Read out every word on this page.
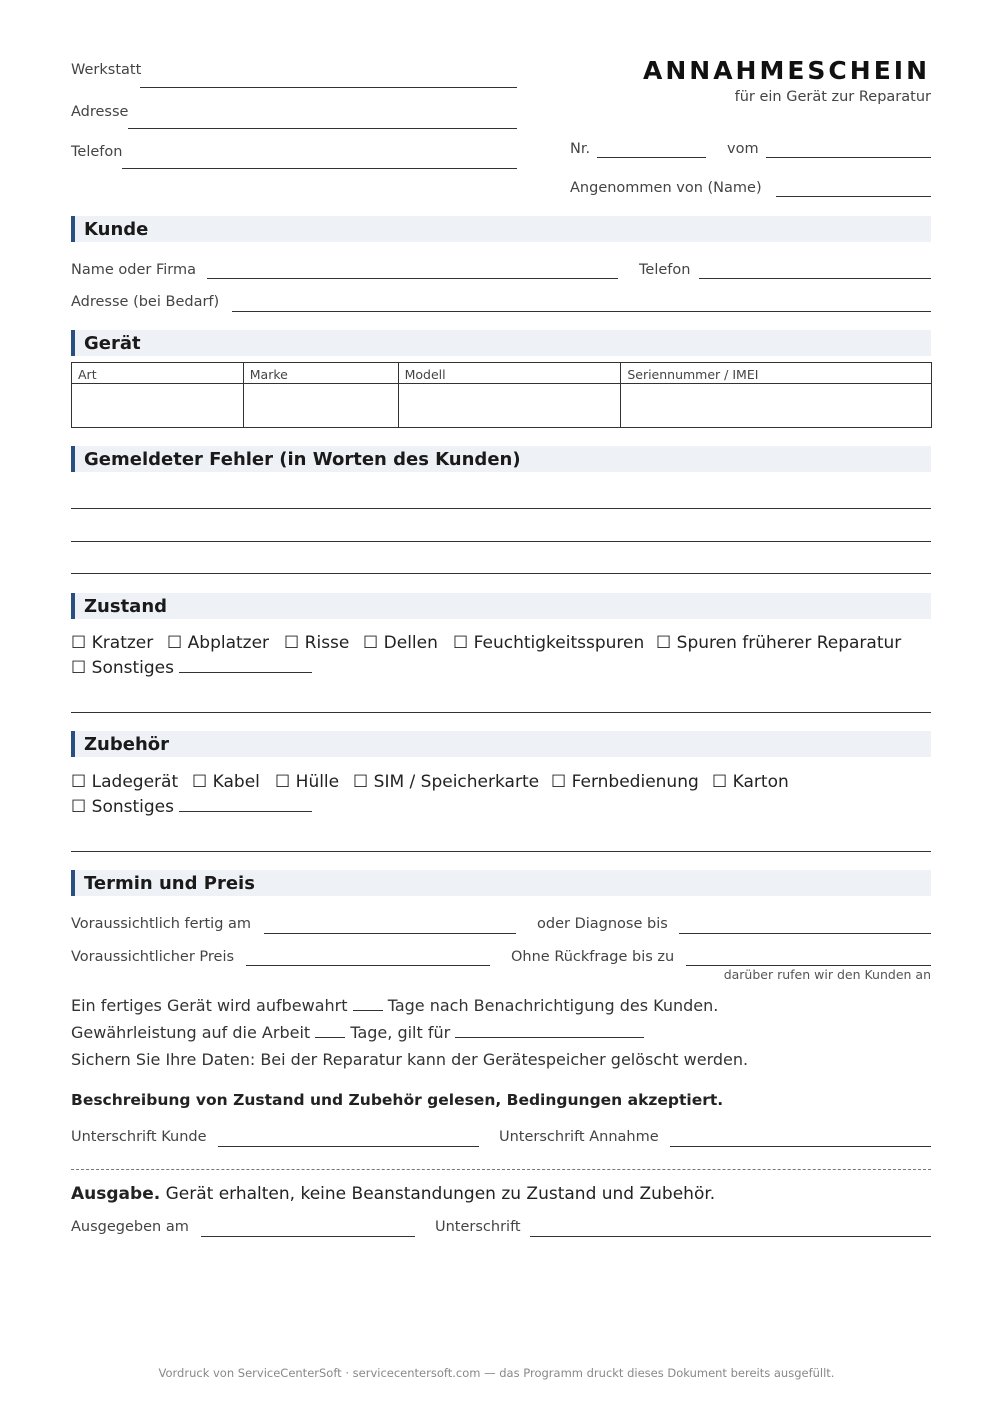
Werkstatt
Adresse
Telefon
ANNAHMESCHEIN
für ein Gerät zur Reparatur
Nr.	vom
Angenommen von (Name)
Kunde
Name oder Firma	Telefon
Adresse (bei Bedarf)
Gerät
Art	Marke	Modell	Seriennummer / IMEI

Gemeldeter Fehler (in Worten des Kunden)
Zustand
☐ Kratzer ☐ Abplatzer ☐ Risse ☐ Dellen ☐ Feuchtigkeitsspuren ☐ Spuren früherer Reparatur
☐ Sonstiges
Zubehör
☐ Ladegerät ☐ Kabel ☐ Hülle ☐ SIM / Speicherkarte ☐ Fernbedienung ☐ Karton
☐ Sonstiges
Termin und Preis
Voraussichtlich fertig am	oder Diagnose bis
Voraussichtlicher Preis	Ohne Rückfrage bis zu
darüber rufen wir den Kunden an
Ein fertiges Gerät wird aufbewahrt	Tage nach Benachrichtigung des Kunden.
Gewährleistung auf die Arbeit	Tage, gilt für
Sichern Sie Ihre Daten: Bei der Reparatur kann der Gerätespeicher gelöscht werden.
Beschreibung von Zustand und Zubehör gelesen, Bedingungen akzeptiert.
Unterschrift Kunde	Unterschrift Annahme
Ausgabe. Gerät erhalten, keine Beanstandungen zu Zustand und Zubehör.
Ausgegeben am	Unterschrift
Vordruck von ServiceCenterSoft · servicecentersoft.com — das Programm druckt dieses Dokument bereits ausgefüllt.
